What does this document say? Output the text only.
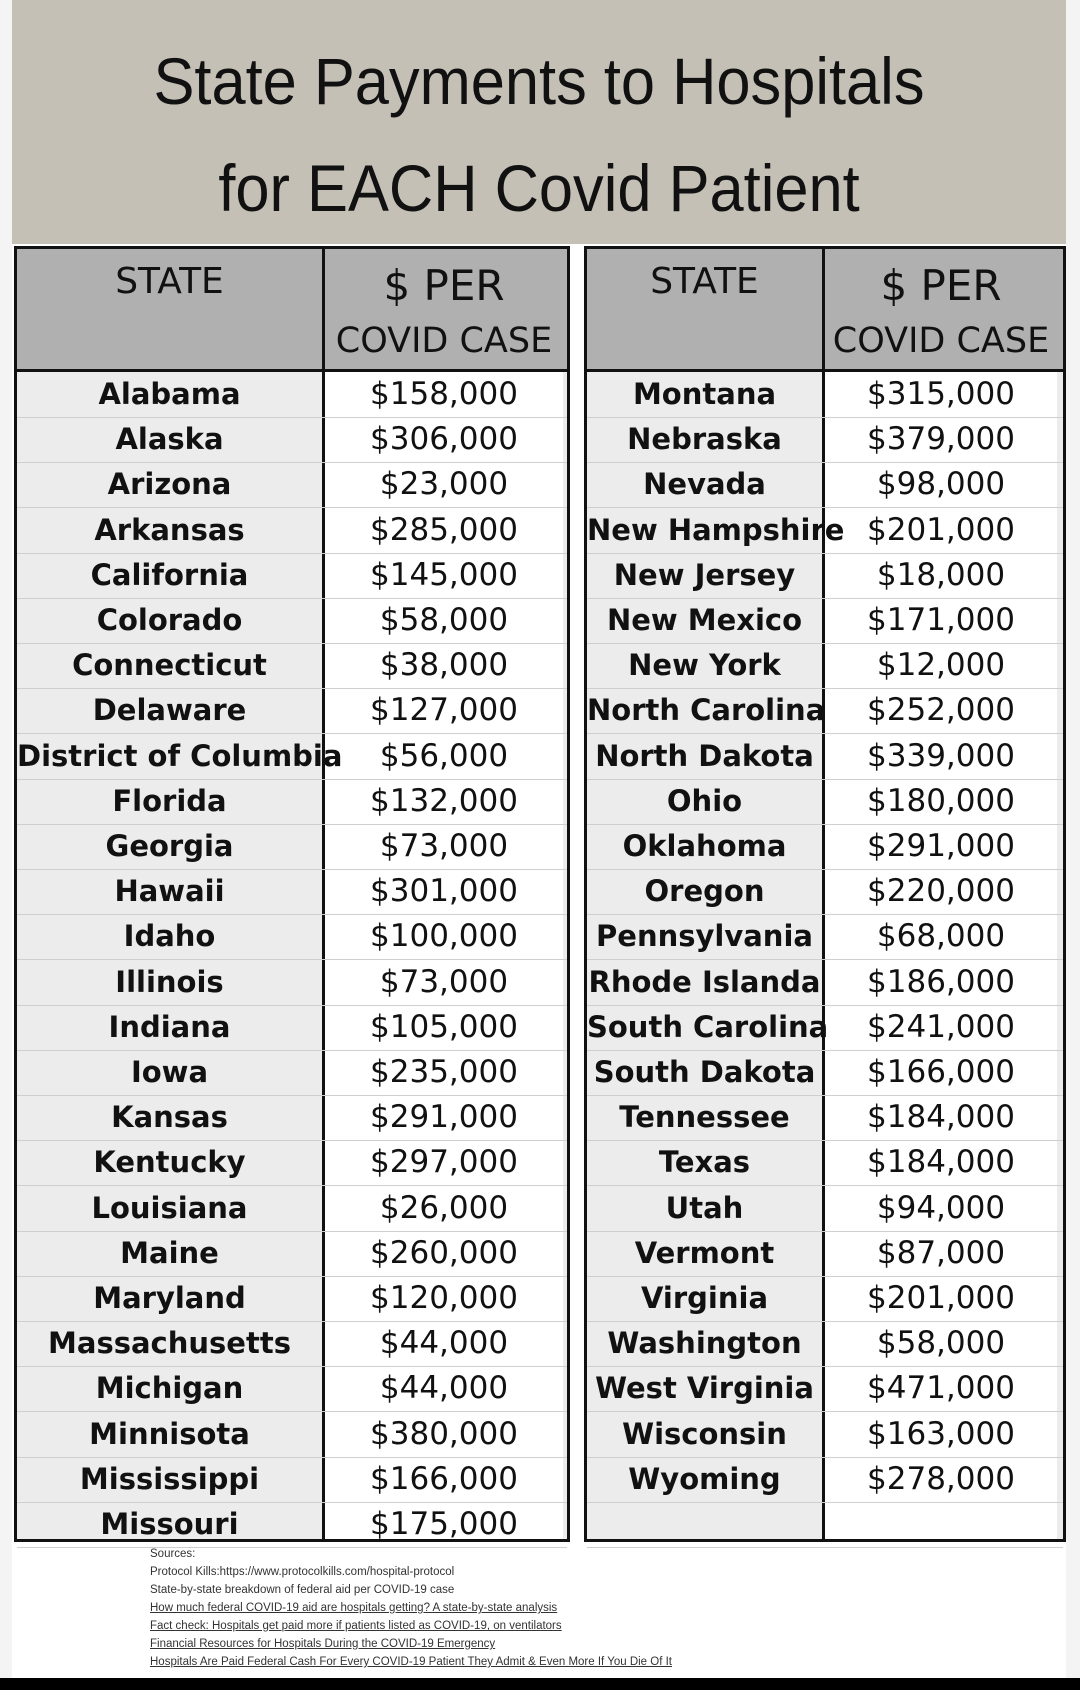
State Payments to Hospitals
for EACH Covid Patient
STATE	$ PER
COVID CASE
Alabama	$158,000
Alaska	$306,000
Arizona	$23,000
Arkansas	$285,000
California	$145,000
Colorado	$58,000
Connecticut	$38,000
Delaware	$127,000
District of Columbia	$56,000
Florida	$132,000
Georgia	$73,000
Hawaii	$301,000
Idaho	$100,000
Illinois	$73,000
Indiana	$105,000
Iowa	$235,000
Kansas	$291,000
Kentucky	$297,000
Louisiana	$26,000
Maine	$260,000
Maryland	$120,000
Massachusetts	$44,000
Michigan	$44,000
Minnisota	$380,000
Mississippi	$166,000
Missouri	$175,000
STATE	$ PER
COVID CASE
Montana	$315,000
Nebraska	$379,000
Nevada	$98,000
New Hampshire $201,000
New Jersey	$18,000
New Mexico	$171,000
New York	$12,000
North Carolina	$252,000
North Dakota	$339,000
Ohio	$180,000
Oklahoma	$291,000
Oregon	$220,000
Pennsylvania	$68,000
Rhode Islanda	$186,000
South Carolina	$241,000
South Dakota	$166,000
Tennessee	$184,000
Texas	$184,000
Utah	$94,000
Vermont	$87,000
Virginia	$201,000
Washington	$58,000
West Virginia	$471,000
Wisconsin	$163,000
Wyoming	$278,000
Sources:
Protocol Kills:https://www.protocolkills.com/hospital-protocol
State-by-state breakdown of federal aid per COVID-19 case
How much federal COVID-19 aid are hospitals getting? A state-by-state analysis
Fact check: Hospitals get paid more if patients listed as COVID-19, on ventilators
Financial Resources for Hospitals During the COVID-19 Emergency
Hospitals Are Paid Federal Cash For Every COVID-19 Patient They Admit & Even More If You Die Of It
